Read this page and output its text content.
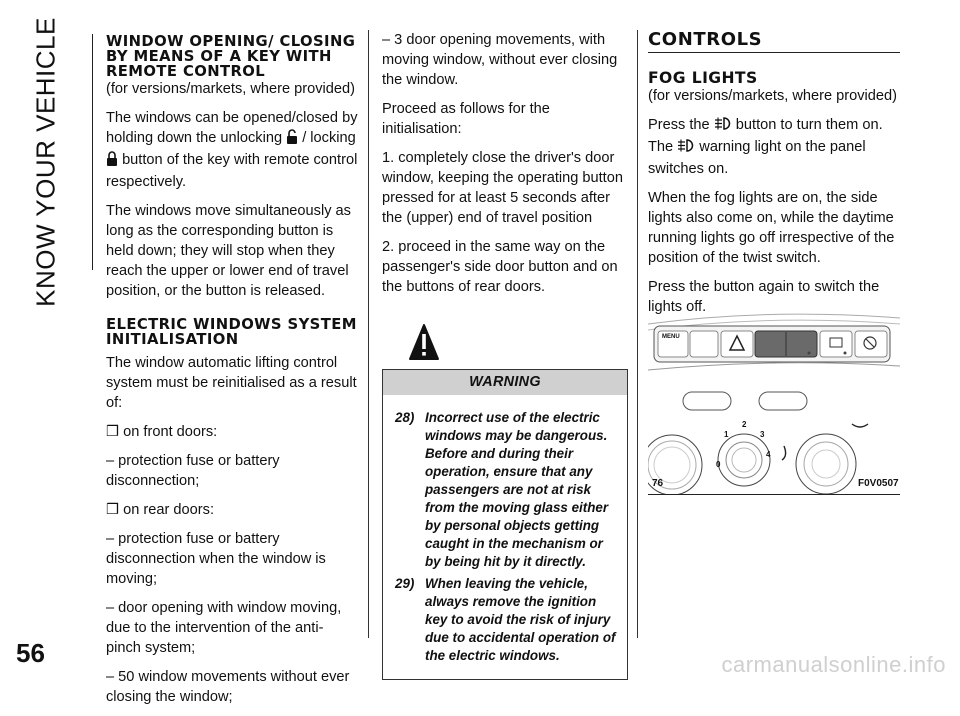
KNOW YOUR VEHICLE
56	carmanualsonline.info
WINDOW OPENING/ CLOSING BY MEANS OF A KEY WITH REMOTE CONTROL

(for versions/markets, where provided)

The windows can be opened/closed by holding down the unlocking / locking  button of the key with remote control respectively.

The windows move simultaneously as long as the corresponding button is held down; they will stop when they reach the upper or lower end of travel position, or the button is released.

ELECTRIC WINDOWS SYSTEM INITIALISATION

The window automatic lifting control system must be reinitialised as a result of:

❒ on front doors:

– protection fuse or battery disconnection;

❒ on rear doors:

– protection fuse or battery disconnection when the window is moving;

– door opening with window moving, due to the intervention of the anti-pinch system;

– 50 window movements without ever closing the window;

– 3 door opening movements, with moving window, without ever closing the window.

Proceed as follows for the initialisation:

1. completely close the driver's door window, keeping the operating button pressed for at least 5 seconds after the (upper) end of travel position

2. proceed in the same way on the passenger's side door button and on the buttons of rear doors.

WARNING
28) Incorrect use of the electric windows may be dangerous. Before and during their operation, ensure that any passengers are not at risk from the moving glass either by personal objects getting caught in the mechanism or by being hit by it directly.
29) When leaving the vehicle, always remove the ignition key to avoid the risk of injury due to accidental operation of the electric windows.
CONTROLS
FOG LIGHTS

(for versions/markets, where provided)

Press the button to turn them on. The warning light on the panel switches on.

When the fog lights are on, the side lights also come on, while the daytime running lights go off irrespective of the position of the twist switch.

Press the button again to switch the lights off.

MENU
0
1
2
3
4
76	F0V0507
